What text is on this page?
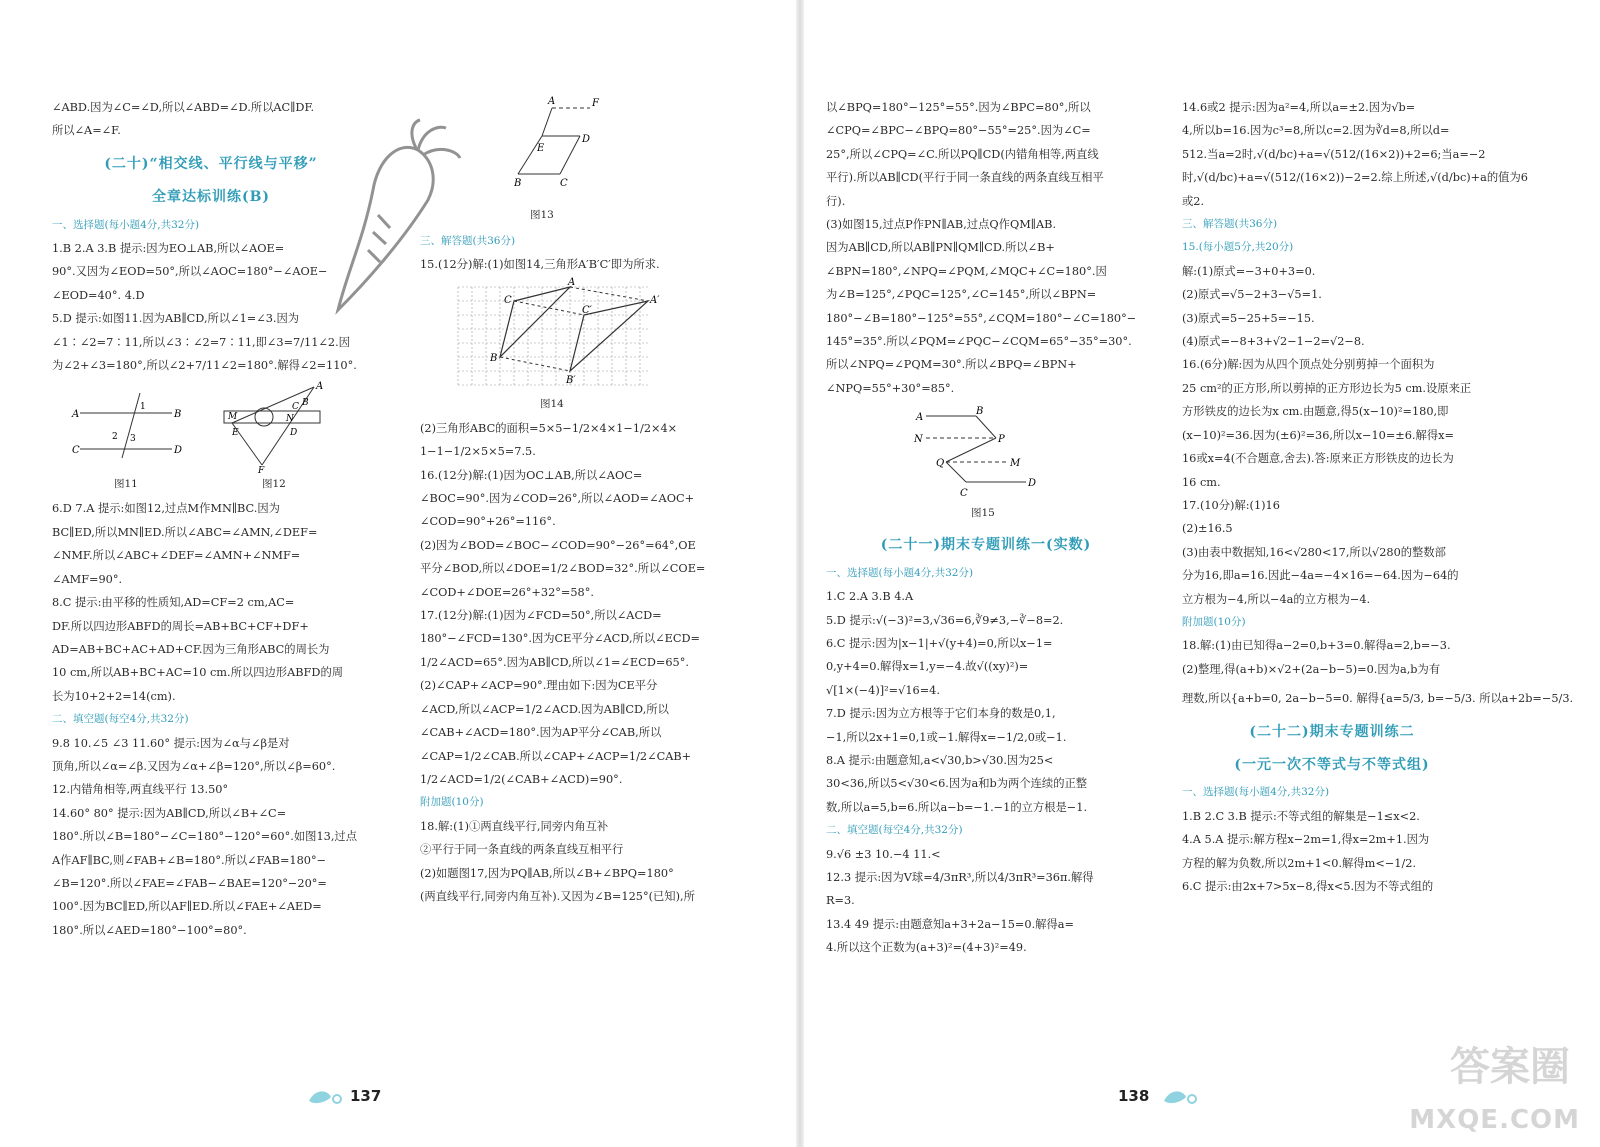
∠ABD.因为∠C=∠D,所以∠ABD=∠D.所以AC∥DF.

所以∠A=∠F.

(二十)“相交线、平行线与平移”

全章达标训练(B)

一、选择题(每小题4分,共32分)

1.B 2.A 3.B 提示:因为EO⊥AB,所以∠AOE=

90°.又因为∠EOD=50°,所以∠AOC=180°−∠AOE−

∠EOD=40°. 4.D

5.D 提示:如图11.因为AB∥CD,所以∠1=∠3.因为

∠1∶∠2=7∶11,所以∠3∶∠2=7∶11,即∠3=7/11∠2.因

为∠2+∠3=180°,所以∠2+7/11∠2=180°.解得∠2=110°.

A	B
C	D
1
2 3
A
M	N
E	D
C B
F
图11	图12

6.D 7.A 提示:如图12,过点M作MN∥BC.因为

BC∥ED,所以MN∥ED.所以∠ABC=∠AMN,∠DEF=

∠NMF.所以∠ABC+∠DEF=∠AMN+∠NMF=

∠AMF=90°.

8.C 提示:由平移的性质知,AD=CF=2 cm,AC=

DF.所以四边形ABFD的周长=AB+BC+CF+DF+

AD=AB+BC+AC+AD+CF.因为三角形ABC的周长为

10 cm,所以AB+BC+AC=10 cm.所以四边形ABFD的周

长为10+2+2=14(cm).

二、填空题(每空4分,共32分)

9.8 10.∠5 ∠3 11.60° 提示:因为∠α与∠β是对

顶角,所以∠α=∠β.又因为∠α+∠β=120°,所以∠β=60°.

12.内错角相等,两直线平行 13.50°

14.60° 80° 提示:因为AB∥CD,所以∠B+∠C=

180°.所以∠B=180°−∠C=180°−120°=60°.如图13,过点

A作AF∥BC,则∠FAB+∠B=180°.所以∠FAB=180°−

∠B=120°.所以∠FAE=∠FAB−∠BAE=120°−20°=

100°.因为BC∥ED,所以AF∥ED.所以∠FAE+∠AED=

180°.所以∠AED=180°−100°=80°.

A	F
D
E
B	C
图13

三、解答题(共36分)

15.(12分)解:(1)如图14,三角形A′B′C′即为所求.

C
A
B
C′
A′
B′
图14

(2)三角形ABC的面积=5×5−1/2×4×1−1/2×4×

1−1−1/2×5×5=7.5.

16.(12分)解:(1)因为OC⊥AB,所以∠AOC=

∠BOC=90°.因为∠COD=26°,所以∠AOD=∠AOC+

∠COD=90°+26°=116°.

(2)因为∠BOD=∠BOC−∠COD=90°−26°=64°,OE

平分∠BOD,所以∠DOE=1/2∠BOD=32°.所以∠COE=

∠COD+∠DOE=26°+32°=58°.

17.(12分)解:(1)因为∠FCD=50°,所以∠ACD=

180°−∠FCD=130°.因为CE平分∠ACD,所以∠ECD=

1/2∠ACD=65°.因为AB∥CD,所以∠1=∠ECD=65°.

(2)∠CAP+∠ACP=90°.理由如下:因为CE平分

∠ACD,所以∠ACP=1/2∠ACD.因为AB∥CD,所以

∠CAB+∠ACD=180°.因为AP平分∠CAB,所以

∠CAP=1/2∠CAB.所以∠CAP+∠ACP=1/2∠CAB+

1/2∠ACD=1/2(∠CAB+∠ACD)=90°.

附加题(10分)

18.解:(1)①两直线平行,同旁内角互补

②平行于同一条直线的两条直线互相平行

(2)如题图17,因为PQ∥AB,所以∠B+∠BPQ=180°

(两直线平行,同旁内角互补).又因为∠B=125°(已知),所

以∠BPQ=180°−125°=55°.因为∠BPC=80°,所以

∠CPQ=∠BPC−∠BPQ=80°−55°=25°.因为∠C=

25°,所以∠CPQ=∠C.所以PQ∥CD(内错角相等,两直线

平行).所以AB∥CD(平行于同一条直线的两条直线互相平

行).

(3)如图15,过点P作PN∥AB,过点Q作QM∥AB.

因为AB∥CD,所以AB∥PN∥QM∥CD.所以∠B+

∠BPN=180°,∠NPQ=∠PQM,∠MQC+∠C=180°.因

为∠B=125°,∠PQC=125°,∠C=145°,所以∠BPN=

180°−∠B=180°−125°=55°,∠CQM=180°−∠C=180°−

145°=35°.所以∠PQM=∠PQC−∠CQM=65°−35°=30°.

所以∠NPQ=∠PQM=30°.所以∠BPQ=∠BPN+

∠NPQ=55°+30°=85°.

A
B
N	P
Q	M
C
D
图15

(二十一)期末专题训练一(实数)

一、选择题(每小题4分,共32分)

1.C 2.A 3.B 4.A

5.D 提示:√(−3)²=3,√36=6,∛9≠3,−∛−8=2.

6.C 提示:因为|x−1|+√(y+4)=0,所以x−1=

0,y+4=0.解得x=1,y=−4.故√((xy)²)=

√[1×(−4)]²=√16=4.

7.D 提示:因为立方根等于它们本身的数是0,1,

−1,所以2x+1=0,1或−1.解得x=−1/2,0或−1.

8.A 提示:由题意知,a<√30,b>√30.因为25<

30<36,所以5<√30<6.因为a和b为两个连续的正整

数,所以a=5,b=6.所以a−b=−1.−1的立方根是−1.

二、填空题(每空4分,共32分)

9.√6 ±3 10.−4 11.<

12.3 提示:因为V球=4/3πR³,所以4/3πR³=36π.解得

R=3.

13.4 49 提示:由题意知a+3+2a−15=0.解得a=

4.所以这个正数为(a+3)²=(4+3)²=49.

14.6或2 提示:因为a²=4,所以a=±2.因为√b=

4,所以b=16.因为c³=8,所以c=2.因为∛d=8,所以d=

512.当a=2时,√(d/bc)+a=√(512/(16×2))+2=6;当a=−2

时,√(d/bc)+a=√(512/(16×2))−2=2.综上所述,√(d/bc)+a的值为6

或2.

三、解答题(共36分)

15.(每小题5分,共20分)

解:(1)原式=−3+0+3=0.

(2)原式=√5−2+3−√5=1.

(3)原式=5−25+5=−15.

(4)原式=−8+3+√2−1−2=√2−8.

16.(6分)解:因为从四个顶点处分别剪掉一个面积为

25 cm²的正方形,所以剪掉的正方形边长为5 cm.设原来正

方形铁皮的边长为x cm.由题意,得5(x−10)²=180,即

(x−10)²=36.因为(±6)²=36,所以x−10=±6.解得x=

16或x=4(不合题意,舍去).答:原来正方形铁皮的边长为

16 cm.

17.(10分)解:(1)16

(2)±16.5

(3)由表中数据知,16<√280<17,所以√280的整数部

分为16,即a=16.因此−4a=−4×16=−64.因为−64的

立方根为−4,所以−4a的立方根为−4.

附加题(10分)

18.解:(1)由已知得a−2=0,b+3=0.解得a=2,b=−3.

(2)整理,得(a+b)×√2+(2a−b−5)=0.因为a,b为有

理数,所以{a+b=0, 2a−b−5=0. 解得{a=5/3, b=−5/3. 所以a+2b=−5/3.

(二十二)期末专题训练二

(一元一次不等式与不等式组)

一、选择题(每小题4分,共32分)

1.B 2.C 3.B 提示:不等式组的解集是−1≤x<2.

4.A 5.A 提示:解方程x−2m=1,得x=2m+1.因为

方程的解为负数,所以2m+1<0.解得m<−1/2.

6.C 提示:由2x+7>5x−8,得x<5.因为不等式组的

137	138
答案圈
MXQE.COM
